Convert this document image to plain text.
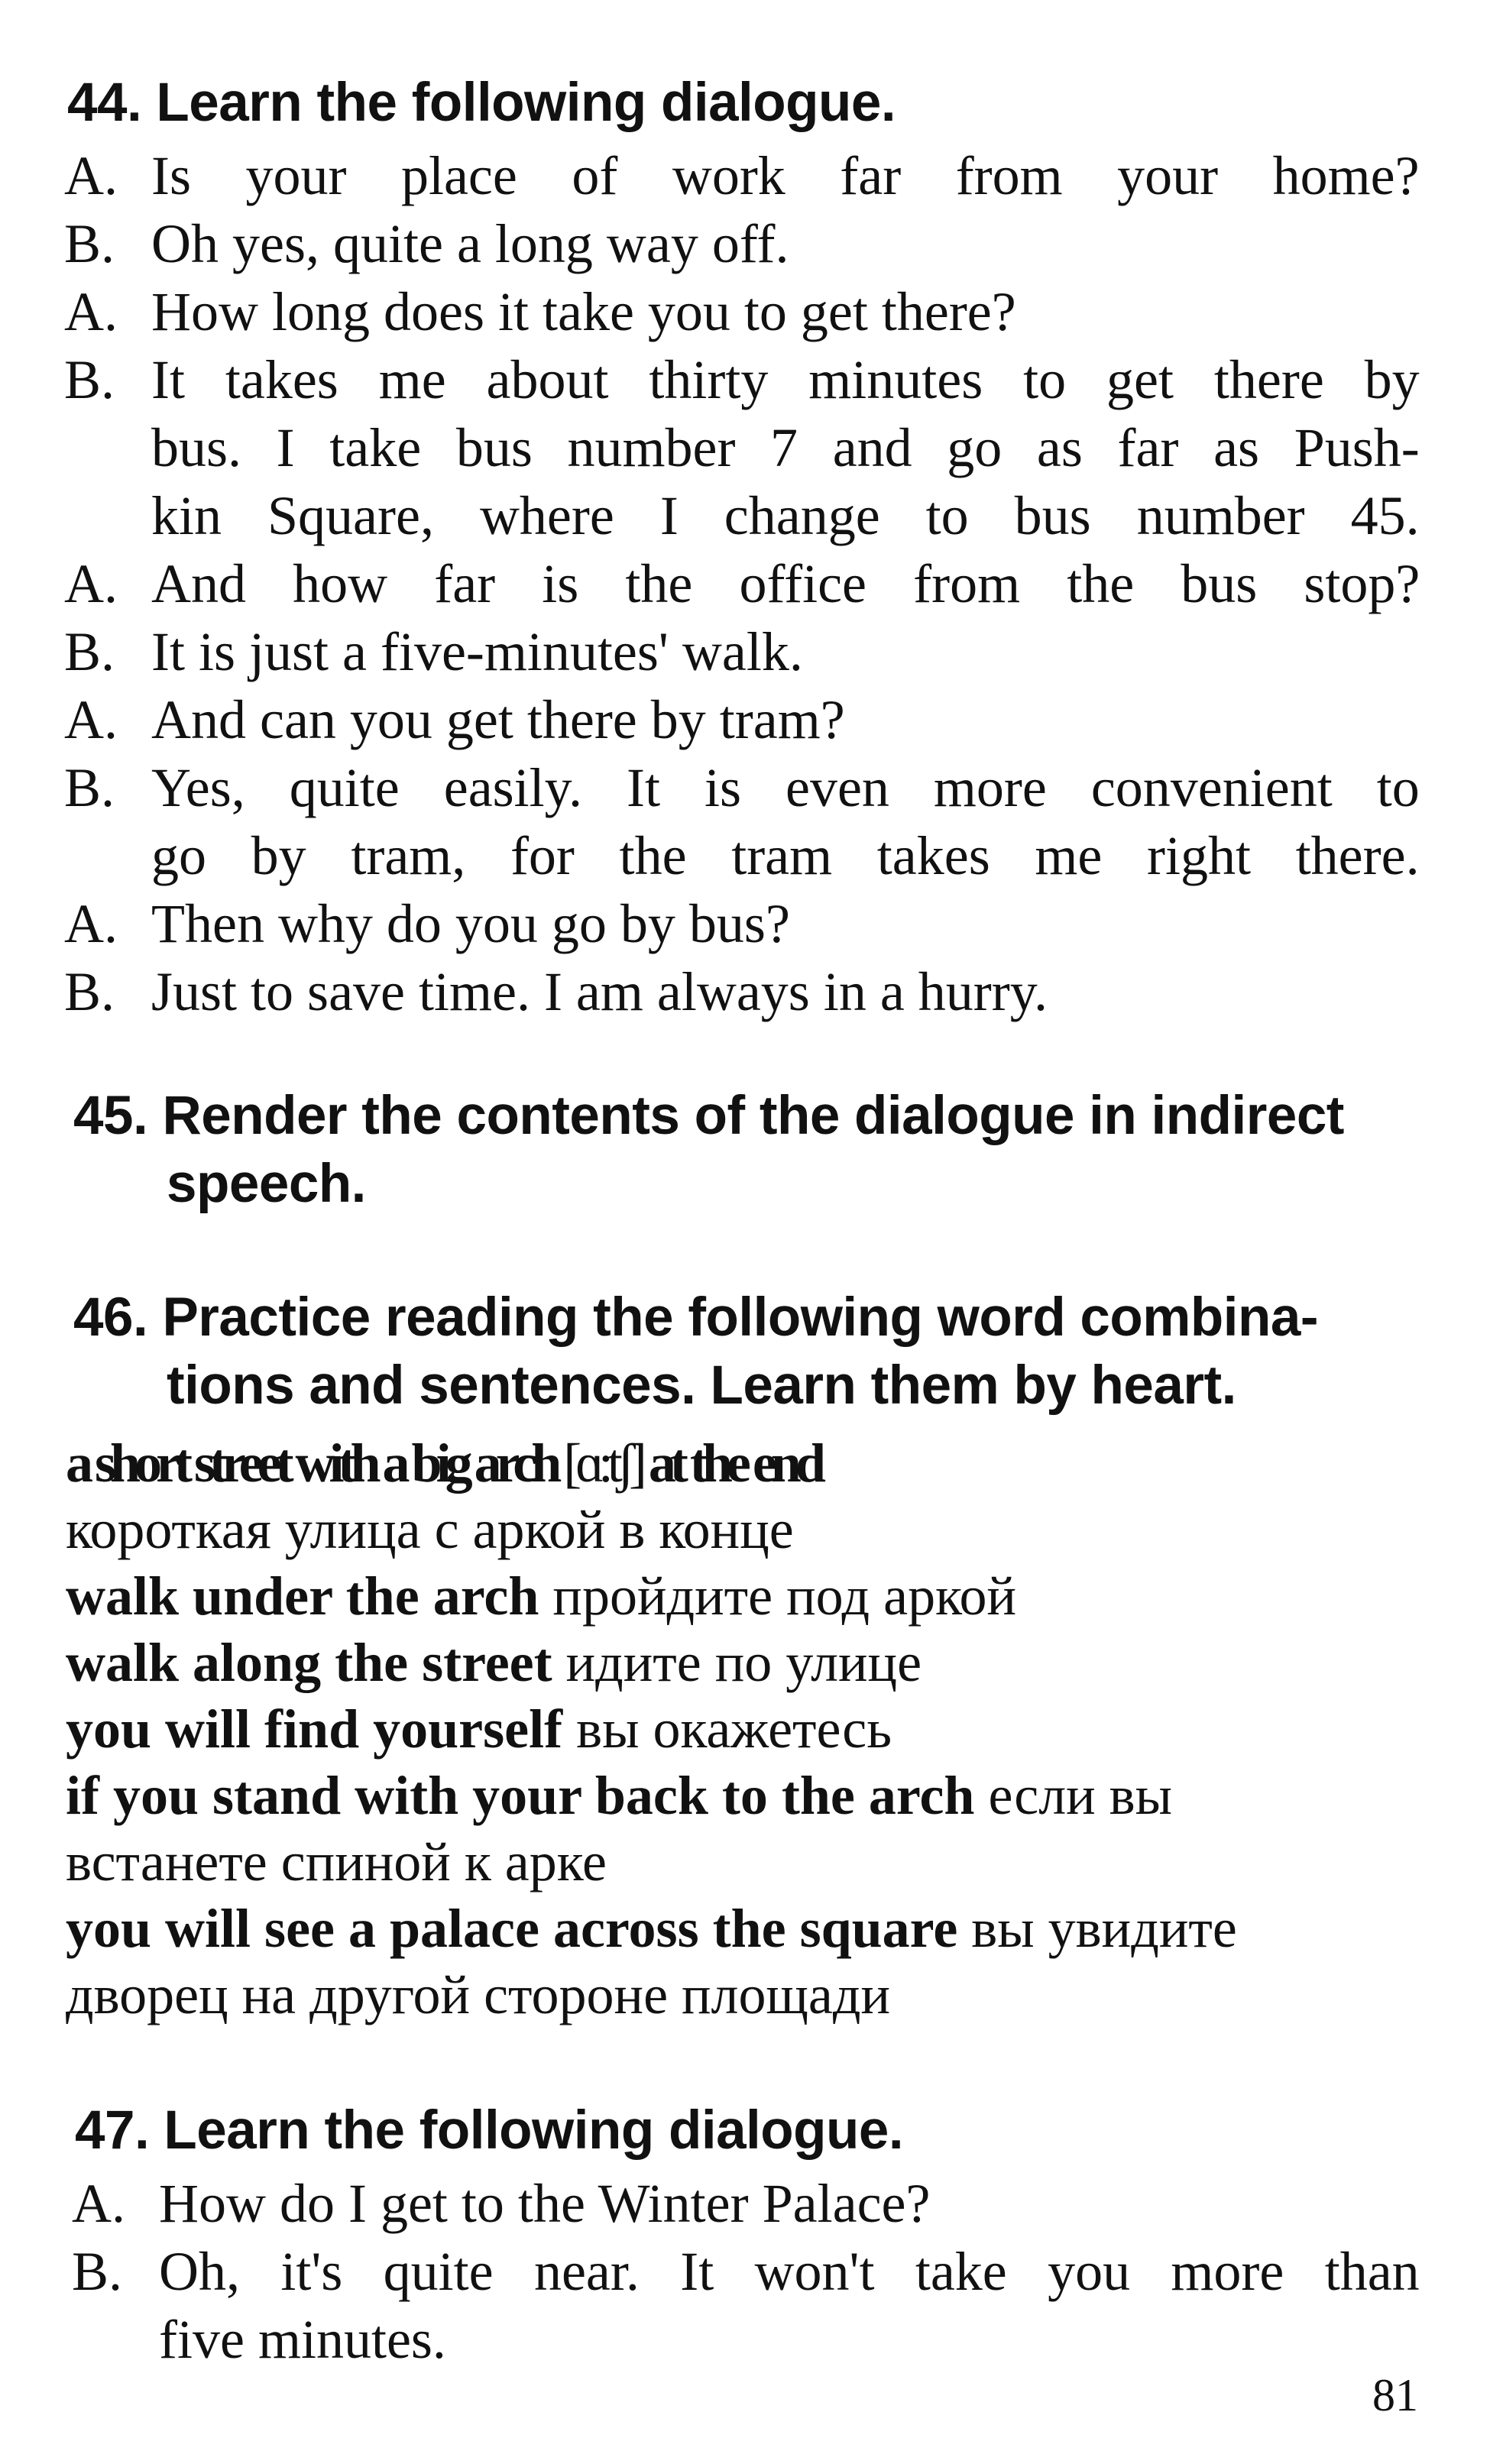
44. Learn the following dialogue.
A. Is your place of work far from your home?
B. Oh yes, quite a long way off.
A. How long does it take you to get there?
B. It takes me about thirty minutes to get there by
bus. I take bus number 7 and go as far as Push-
kin Square, where I change to bus number 45.
A. And how far is the office from the bus stop?
B. It is just a five-minutes' walk.
A. And can you get there by tram?
B. Yes, quite easily. It is even more convenient to
go by tram, for the tram takes me right there.
A. Then why do you go by bus?
B. Just to save time. I am always in a hurry.
45. Render the contents of the dialogue in indirect
speech.
46. Practice reading the following word combina-
tions and sentences. Learn them by heart.
a short street with a big arch [ɑ:tʃ] at the end
короткая улица с аркой в конце
walk under the arch пройдите под аркой
walk along the street идите по улице
you will find yourself вы окажетесь
if you stand with your back to the arch если вы
встанете спиной к арке
you will see a palace across the square вы увидите
дворец на другой стороне площади
47. Learn the following dialogue.
A. How do I get to the Winter Palace?
B. Oh, it's quite near. It won't take you more than
five minutes.
81
